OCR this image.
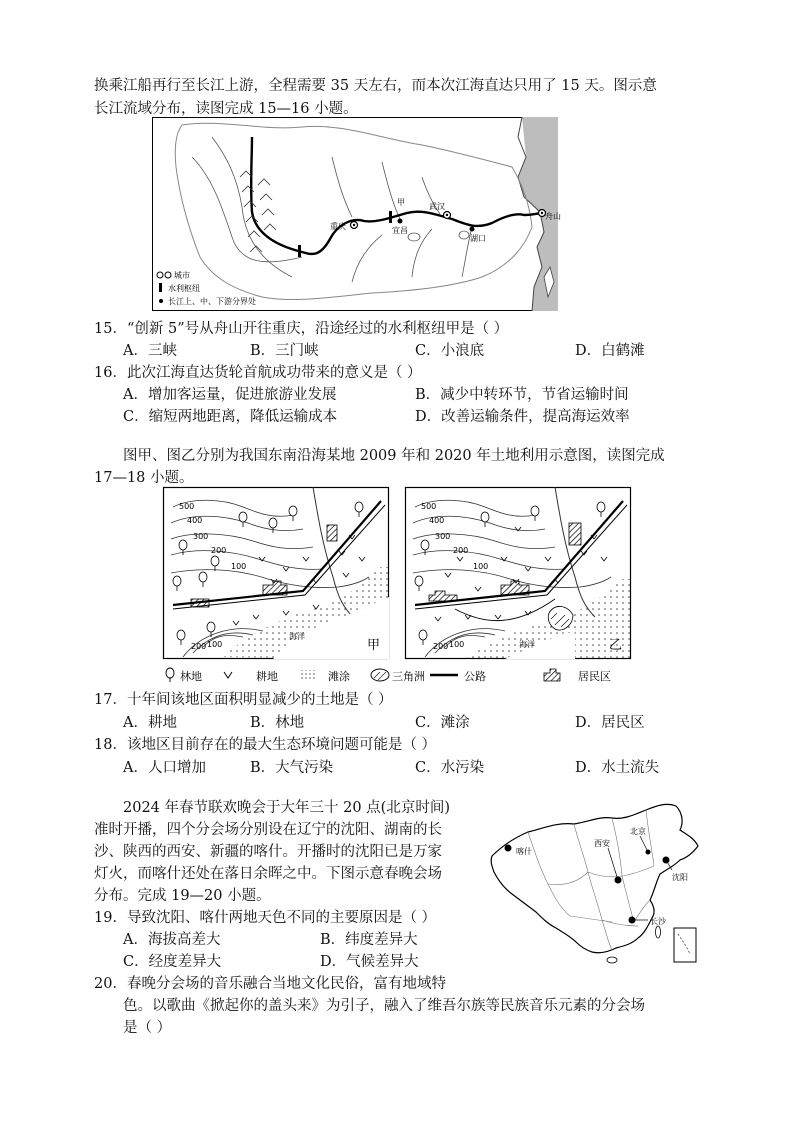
换乘江船再行至长江上游，全程需要 35 天左右，而本次江海直达只用了 15 天。图示意
长江流域分布，读图完成 15—16 小题。
重庆
甲
宜昌
武汉
湖口
舟山
城市
水利枢纽
长江上、中、下游分界处
15．“创新 5”号从舟山开往重庆，沿途经过的水利枢纽甲是（ ）
A．三峡	B．三门峡	C．小浪底	D．白鹤滩
16．此次江海直达货轮首航成功带来的意义是（ ）
A．增加客运量，促进旅游业发展	B．减少中转环节，节省运输时间
C．缩短两地距离，降低运输成本	D．改善运输条件，提高海运效率
图甲、图乙分别为我国东南沿海某地 2009 年和 2020 年土地利用示意图，读图完成
17—18 小题。
500
400
300
200
100
200 100
海洋
甲
500
400
300
200
100
200 100	海洋	乙
林地	耕地	滩涂	三角洲	公路	居民区
17．十年间该地区面积明显减少的土地是（ ）
A．耕地	B．林地	C．滩涂	D．居民区
18．该地区目前存在的最大生态环境问题可能是（ ）
A．人口增加	B．大气污染	C．水污染	D．水土流失
2024 年春节联欢晚会于大年三十 20 点(北京时间)
准时开播，四个分会场分别设在辽宁的沈阳、湖南的长
沙、陕西的西安、新疆的喀什。开播时的沈阳已是万家
灯火，而喀什还处在落日余晖之中。下图示意春晚会场
分布。完成 19—20 小题。
喀什
西安
北京
沈阳
长沙
19．导致沈阳、喀什两地天色不同的主要原因是（ ）
A．海拔高差大	B．纬度差异大
C．经度差异大	D．气候差异大
20．春晚分会场的音乐融合当地文化民俗，富有地域特
色。以歌曲《掀起你的盖头来》为引子，融入了维吾尔族等民族音乐元素的分会场
是（ ）
